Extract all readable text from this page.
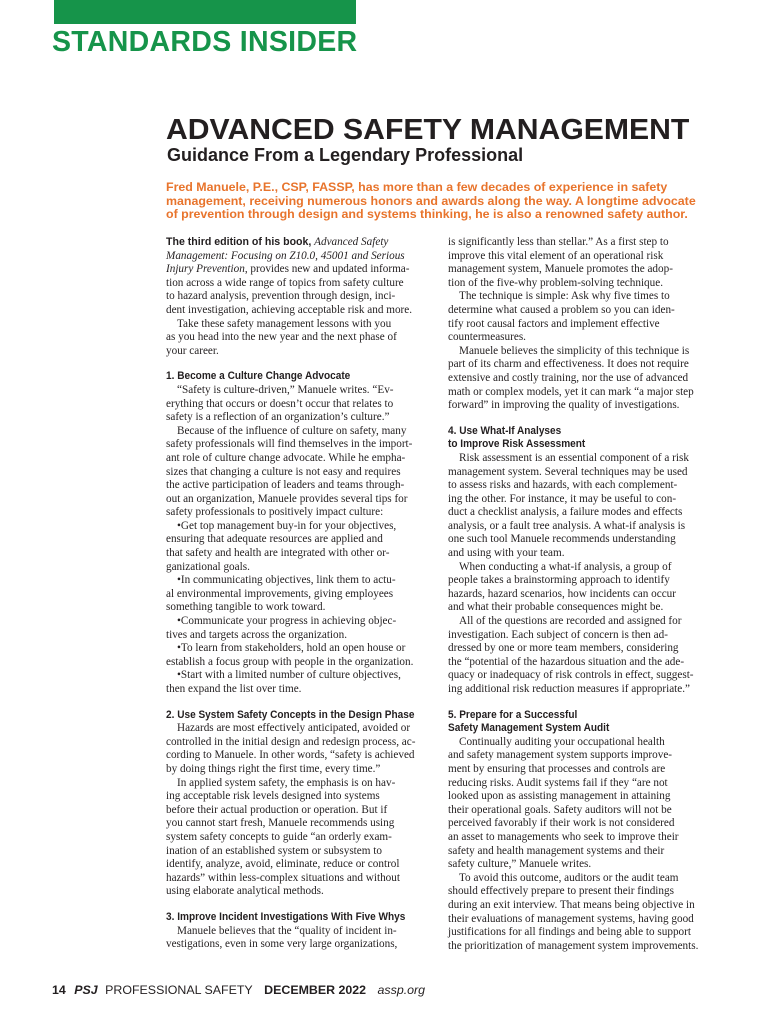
STANDARDS INSIDER
ADVANCED SAFETY MANAGEMENT
Guidance From a Legendary Professional
Fred Manuele, P.E., CSP, FASSP, has more than a few decades of experience in safety
management, receiving numerous honors and awards along the way. A longtime advocate
of prevention through design and systems thinking, he is also a renowned safety author.
The third edition of his book, Advanced Safety
Management: Focusing on Z10.0, 45001 and Serious
Injury Prevention, provides new and updated informa-
tion across a wide range of topics from safety culture
to hazard analysis, prevention through design, inci-
dent investigation, achieving acceptable risk and more.
Take these safety management lessons with you
as you head into the new year and the next phase of
your career.
1. Become a Culture Change Advocate
“Safety is culture-driven,” Manuele writes. “Ev-
erything that occurs or doesn’t occur that relates to
safety is a reflection of an organization’s culture.”
Because of the influence of culture on safety, many
safety professionals will find themselves in the import-
ant role of culture change advocate. While he empha-
sizes that changing a culture is not easy and requires
the active participation of leaders and teams through-
out an organization, Manuele provides several tips for
safety professionals to positively impact culture:
•Get top management buy-in for your objectives,
ensuring that adequate resources are applied and
that safety and health are integrated with other or-
ganizational goals.
•In communicating objectives, link them to actu-
al environmental improvements, giving employees
something tangible to work toward.
•Communicate your progress in achieving objec-
tives and targets across the organization.
•To learn from stakeholders, hold an open house or
establish a focus group with people in the organization.
•Start with a limited number of culture objectives,
then expand the list over time.
2. Use System Safety Concepts in the Design Phase
Hazards are most effectively anticipated, avoided or
controlled in the initial design and redesign process, ac-
cording to Manuele. In other words, “safety is achieved
by doing things right the first time, every time.”
In applied system safety, the emphasis is on hav-
ing acceptable risk levels designed into systems
before their actual production or operation. But if
you cannot start fresh, Manuele recommends using
system safety concepts to guide “an orderly exam-
ination of an established system or subsystem to
identify, analyze, avoid, eliminate, reduce or control
hazards” within less-complex situations and without
using elaborate analytical methods.
3. Improve Incident Investigations With Five Whys
Manuele believes that the “quality of incident in-
vestigations, even in some very large organizations,
is significantly less than stellar.” As a first step to
improve this vital element of an operational risk
management system, Manuele promotes the adop-
tion of the five-why problem-solving technique.
The technique is simple: Ask why five times to
determine what caused a problem so you can iden-
tify root causal factors and implement effective
countermeasures.
Manuele believes the simplicity of this technique is
part of its charm and effectiveness. It does not require
extensive and costly training, nor the use of advanced
math or complex models, yet it can mark “a major step
forward” in improving the quality of investigations.
4. Use What-If Analyses
to Improve Risk Assessment
Risk assessment is an essential component of a risk
management system. Several techniques may be used
to assess risks and hazards, with each complement-
ing the other. For instance, it may be useful to con-
duct a checklist analysis, a failure modes and effects
analysis, or a fault tree analysis. A what-if analysis is
one such tool Manuele recommends understanding
and using with your team.
When conducting a what-if analysis, a group of
people takes a brainstorming approach to identify
hazards, hazard scenarios, how incidents can occur
and what their probable consequences might be.
All of the questions are recorded and assigned for
investigation. Each subject of concern is then ad-
dressed by one or more team members, considering
the “potential of the hazardous situation and the ade-
quacy or inadequacy of risk controls in effect, suggest-
ing additional risk reduction measures if appropriate.”
5. Prepare for a Successful
Safety Management System Audit
Continually auditing your occupational health
and safety management system supports improve-
ment by ensuring that processes and controls are
reducing risks. Audit systems fail if they “are not
looked upon as assisting management in attaining
their operational goals. Safety auditors will not be
perceived favorably if their work is not considered
an asset to managements who seek to improve their
safety and health management systems and their
safety culture,” Manuele writes.
To avoid this outcome, auditors or the audit team
should effectively prepare to present their findings
during an exit interview. That means being objective in
their evaluations of management systems, having good
justifications for all findings and being able to support
the prioritization of management system improvements.
14 PSJ PROFESSIONAL SAFETY DECEMBER 2022 assp.org
